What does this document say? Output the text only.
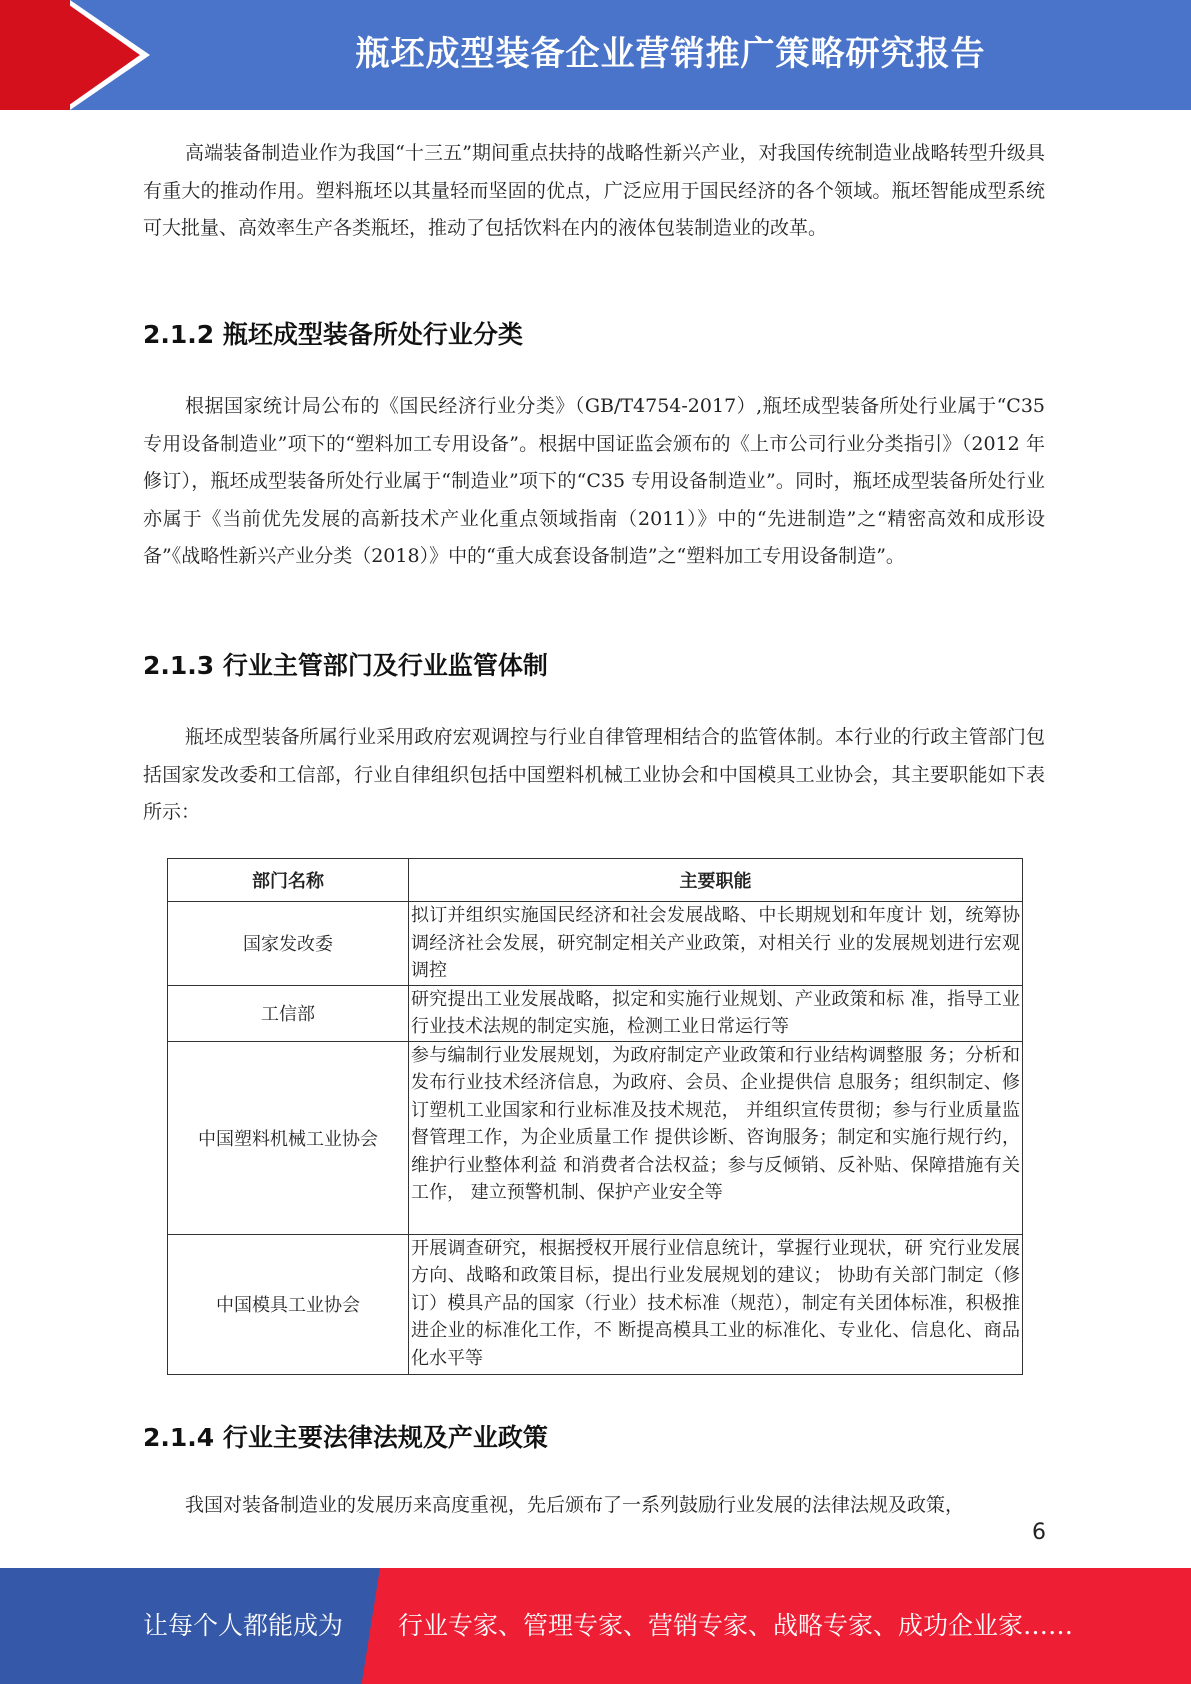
瓶坯成型装备企业营销推广策略研究报告

高端装备制造业作为我国“十三五”期间重点扶持的战略性新兴产业，对我国传统制造业战略转型升级具有重大的推动作用。塑料瓶坯以其量轻而坚固的优点，广泛应用于国民经济的各个领域。瓶坯智能成型系统可大批量、高效率生产各类瓶坯，推动了包括饮料在内的液体包装制造业的改革。

2.1.2 瓶坯成型装备所处行业分类

根据国家统计局公布的《国民经济行业分类》（GB/T4754-2017）,瓶坯成型装备所处行业属于“C35 专用设备制造业”项下的“塑料加工专用设备”。根据中国证监会颁布的《上市公司行业分类指引》（2012 年修订），瓶坯成型装备所处行业属于“制造业”项下的“C35 专用设备制造业”。同时，瓶坯成型装备所处行业亦属于《当前优先发展的高新技术产业化重点领域指南（2011）》中的“先进制造”之“精密高效和成形设备”《战略性新兴产业分类（2018）》中的“重大成套设备制造”之“塑料加工专用设备制造”。

2.1.3 行业主管部门及行业监管体制

瓶坯成型装备所属行业采用政府宏观调控与行业自律管理相结合的监管体制。本行业的行政主管部门包括国家发改委和工信部，行业自律组织包括中国塑料机械工业协会和中国模具工业协会，其主要职能如下表所示：

部门名称	主要职能
国家发改委	拟订并组织实施国民经济和社会发展战略、中长期规划和年度计 划，统筹协调经济社会发展，研究制定相关产业政策，对相关行 业的发展规划进行宏观调控
工信部	研究提出工业发展战略，拟定和实施行业规划、产业政策和标 准，指导工业行业技术法规的制定实施，检测工业日常运行等
中国塑料机械工业协会	参与编制行业发展规划，为政府制定产业政策和行业结构调整服 务；分析和发布行业技术经济信息，为政府、会员、企业提供信 息服务；组织制定、修订塑机工业国家和行业标准及技术规范， 并组织宣传贯彻；参与行业质量监督管理工作，为企业质量工作 提供诊断、咨询服务；制定和实施行规行约，维护行业整体利益 和消费者合法权益；参与反倾销、反补贴、保障措施有关工作， 建立预警机制、保护产业安全等
中国模具工业协会	开展调查研究，根据授权开展行业信息统计，掌握行业现状，研 究行业发展方向、战略和政策目标，提出行业发展规划的建议； 协助有关部门制定（修订）模具产品的国家（行业）技术标准（规范），制定有关团体标准，积极推进企业的标准化工作，不 断提高模具工业的标准化、专业化、信息化、商品化水平等
2.1.4 行业主要法律法规及产业政策

我国对装备制造业的发展历来高度重视，先后颁布了一系列鼓励行业发展的法律法规及政策，

6
让每个人都能成为 行业专家、管理专家、营销专家、战略专家、成功企业家……
